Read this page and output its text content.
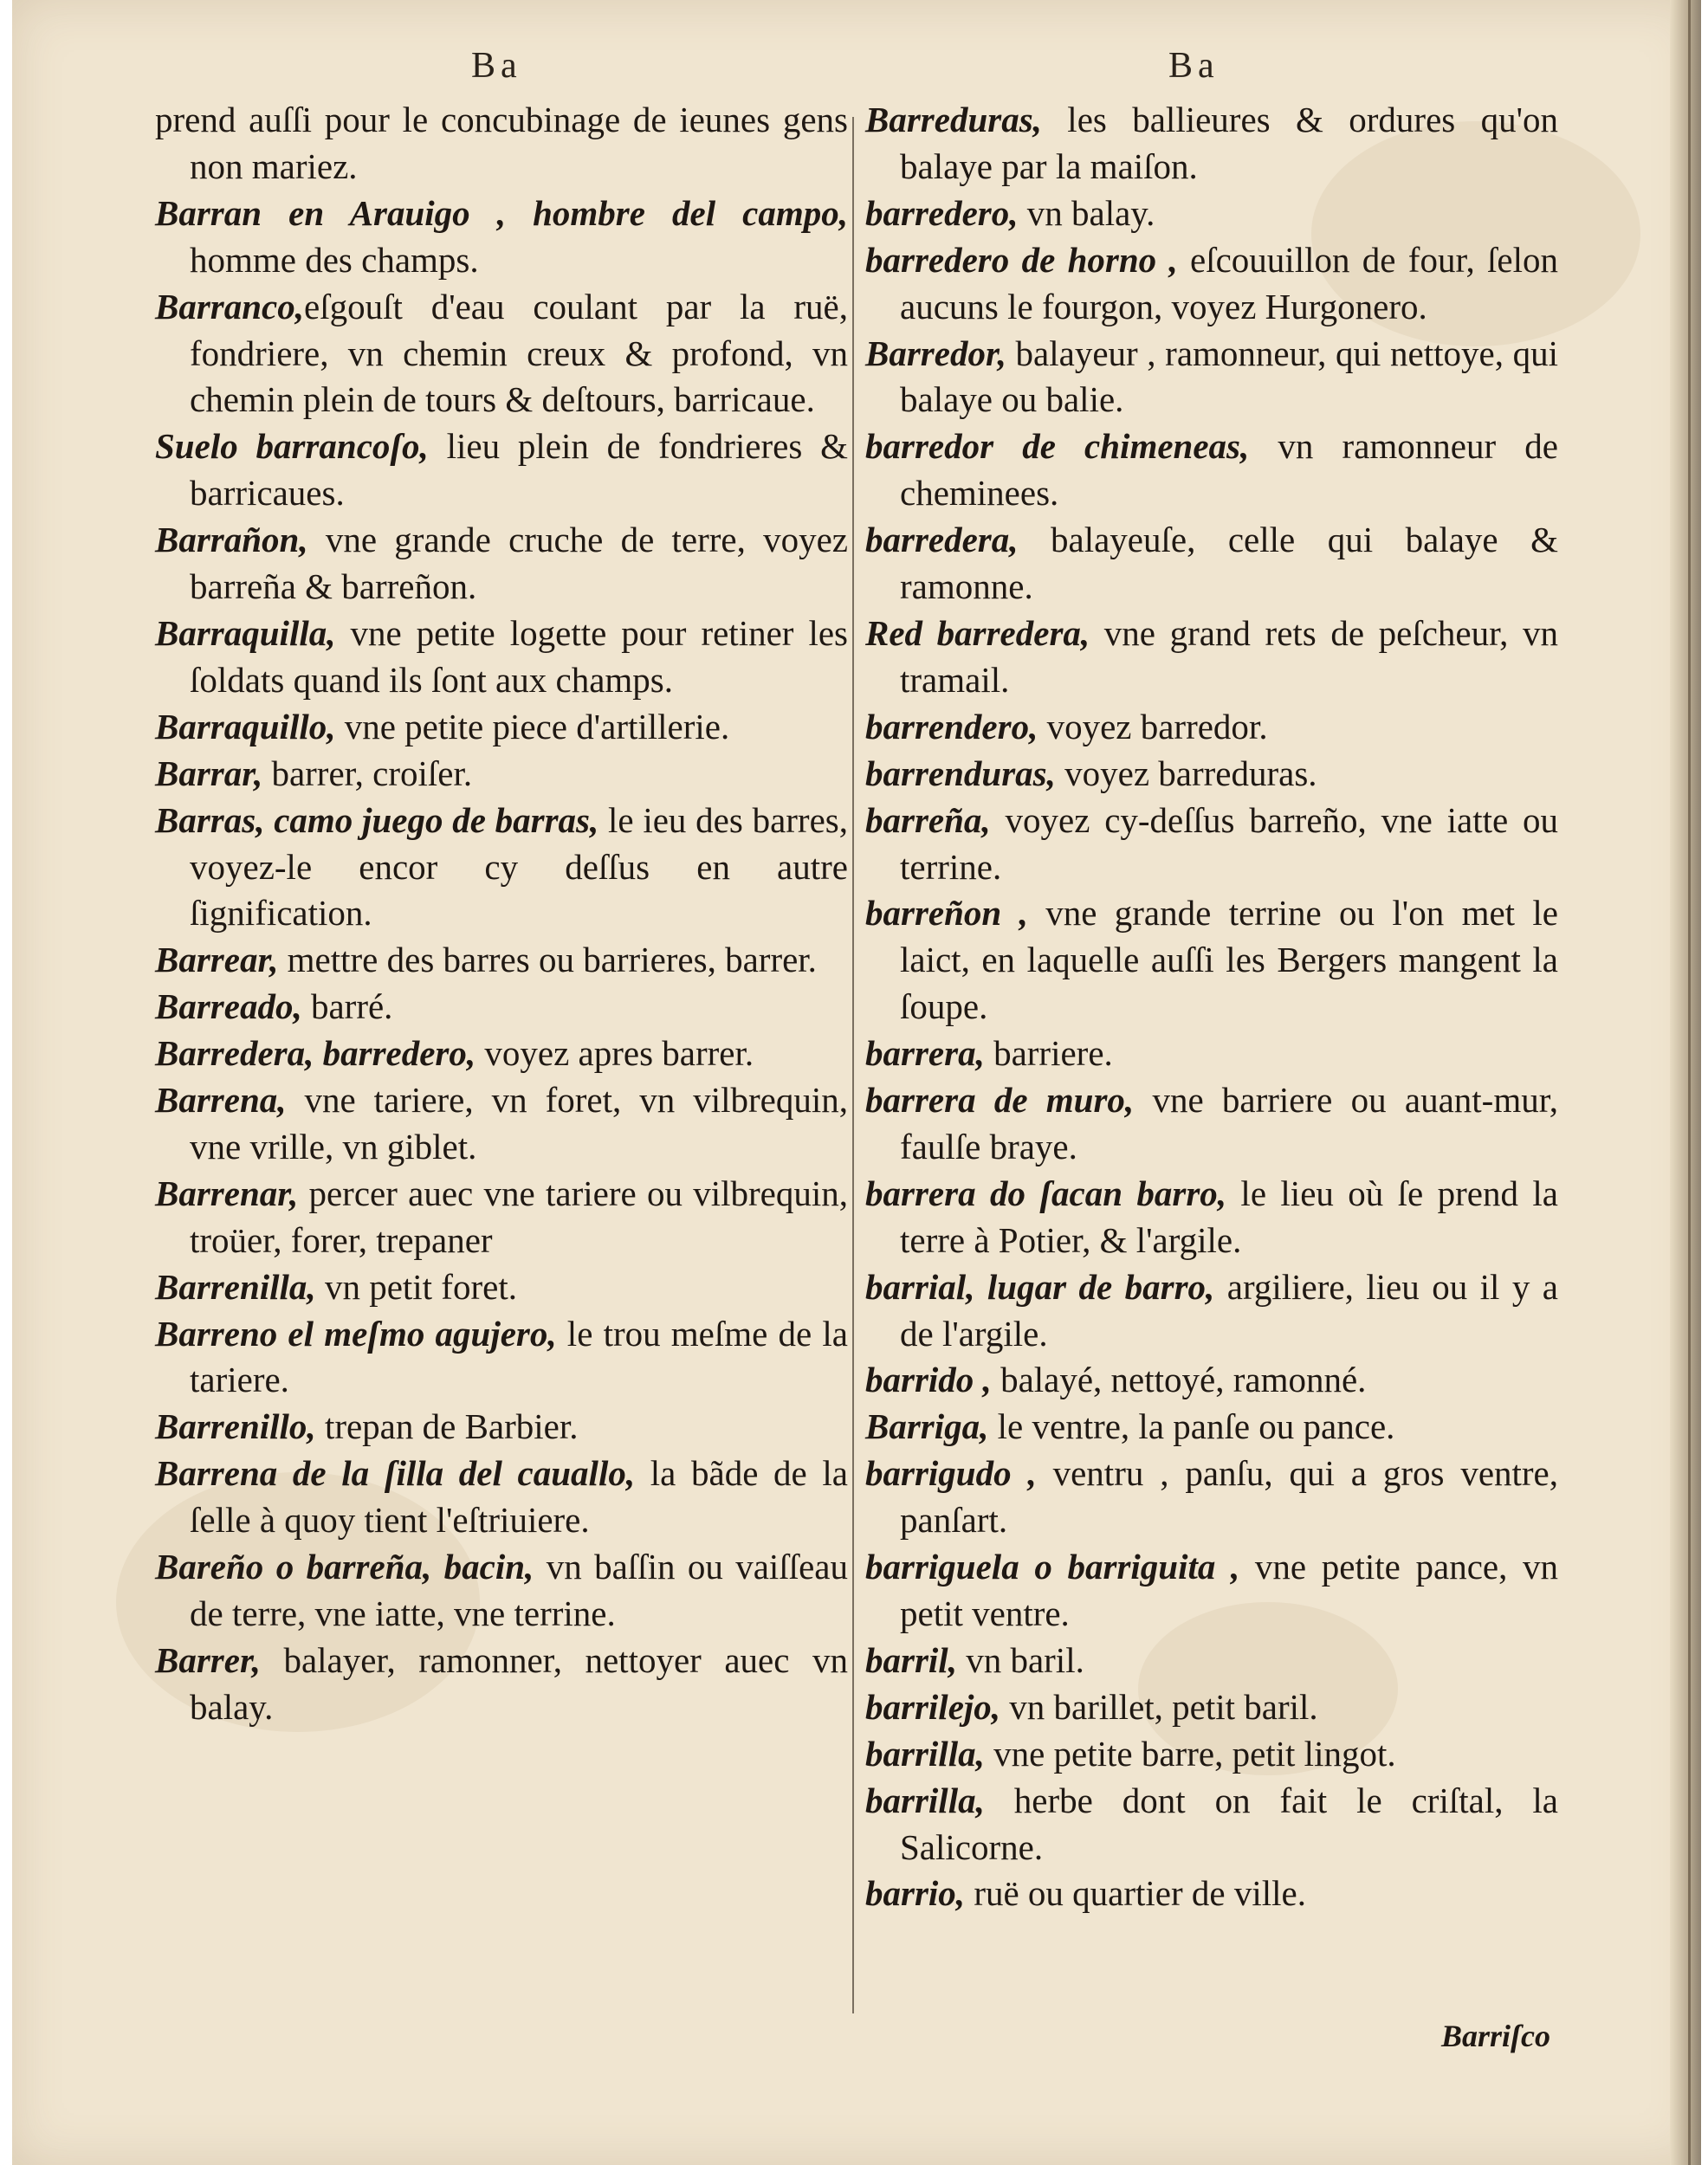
Ba	Ba

prend auſſi pour le concubinage de ieunes gens non mariez.

Barran en Arauigo , hombre del campo, homme des champs.

Barranco,eſgouſt d'eau coulant par la ruë, fondriere, vn chemin creux & profond, vn chemin plein de tours & deſtours, barricaue.

Suelo barrancoſo, lieu plein de fondrieres & barricaues.

Barrañon, vne grande cruche de terre, voyez barreña & barreñon.

Barraquilla, vne petite logette pour retiner les ſoldats quand ils ſont aux champs.

Barraquillo, vne petite piece d'artillerie.

Barrar, barrer, croiſer.

Barras, camo juego de barras, le ieu des barres, voyez-le encor cy deſſus en autre ſignification.

Barrear, mettre des barres ou barrieres, barrer.

Barreado, barré.

Barredera, barredero, voyez apres barrer.

Barrena, vne tariere, vn foret, vn vilbrequin, vne vrille, vn giblet.

Barrenar, percer auec vne tariere ou vilbrequin, troüer, forer, trepaner

Barrenilla, vn petit foret.

Barreno el meſmo agujero, le trou meſme de la tariere.

Barrenillo, trepan de Barbier.

Barrena de la ſilla del cauallo, la bãde de la ſelle à quoy tient l'eſtriuiere.

Bareño o barreña, bacin, vn baſſin ou vaiſſeau de terre, vne iatte, vne terrine.

Barrer, balayer, ramonner, nettoyer auec vn balay.

Barreduras, les ballieures & ordures qu'on balaye par la maiſon.

barredero, vn balay.

barredero de horno , eſcouuillon de four, ſelon aucuns le fourgon, voyez Hurgonero.

Barredor, balayeur , ramonneur, qui nettoye, qui balaye ou balie.

barredor de chimeneas, vn ramonneur de cheminees.

barredera, balayeuſe, celle qui balaye & ramonne.

Red barredera, vne grand rets de peſcheur, vn tramail.

barrendero, voyez barredor.

barrenduras, voyez barreduras.

barreña, voyez cy-deſſus barreño, vne iatte ou terrine.

barreñon , vne grande terrine ou l'on met le laict, en laquelle auſſi les Bergers mangent la ſoupe.

barrera, barriere.

barrera de muro, vne barriere ou auant-mur, faulſe braye.

barrera do ſacan barro, le lieu où ſe prend la terre à Potier, & l'argile.

barrial, lugar de barro, argiliere, lieu ou il y a de l'argile.

barrido , balayé, nettoyé, ramonné.

Barriga, le ventre, la panſe ou pance.

barrigudo , ventru , panſu, qui a gros ventre, panſart.

barriguela o barriguita , vne petite pance, vn petit ventre.

barril, vn baril.

barrilejo, vn barillet, petit baril.

barrilla, vne petite barre, petit lingot.

barrilla, herbe dont on fait le criſtal, la Salicorne.

barrio, ruë ou quartier de ville.

Barriſco
